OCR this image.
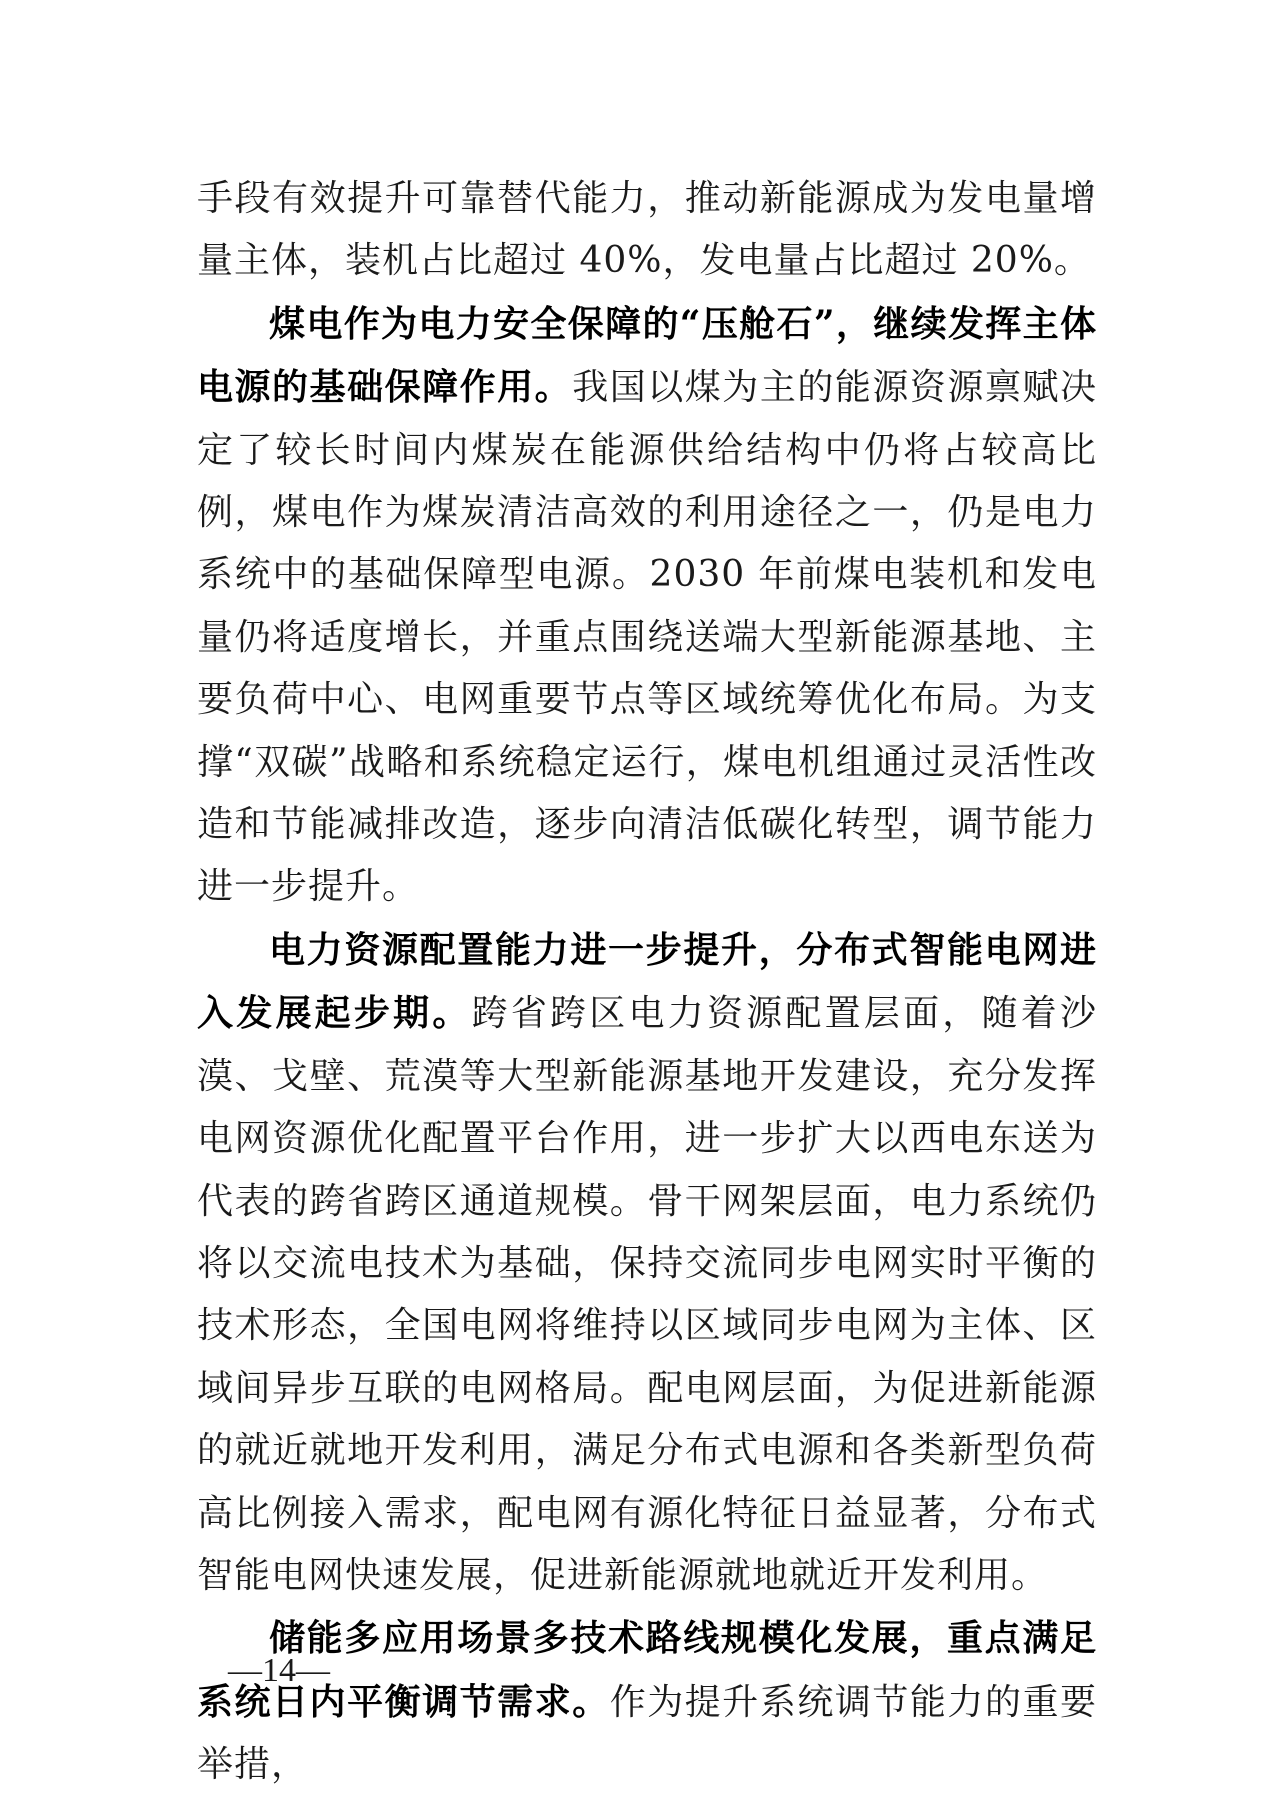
手段有效提升可靠替代能力，推动新能源成为发电量增量主体，装机占比超过 40%，发电量占比超过 20%。

煤电作为电力安全保障的“压舱石”，继续发挥主体电源的基础保障作用。我国以煤为主的能源资源禀赋决定了较长时间内煤炭在能源供给结构中仍将占较高比例，煤电作为煤炭清洁高效的利用途径之一，仍是电力系统中的基础保障型电源。2030 年前煤电装机和发电量仍将适度增长，并重点围绕送端大型新能源基地、主要负荷中心、电网重要节点等区域统筹优化布局。为支撑“双碳”战略和系统稳定运行，煤电机组通过灵活性改造和节能减排改造，逐步向清洁低碳化转型，调节能力进一步提升。

电力资源配置能力进一步提升，分布式智能电网进入发展起步期。跨省跨区电力资源配置层面，随着沙漠、戈壁、荒漠等大型新能源基地开发建设，充分发挥电网资源优化配置平台作用，进一步扩大以西电东送为代表的跨省跨区通道规模。骨干网架层面，电力系统仍将以交流电技术为基础，保持交流同步电网实时平衡的技术形态，全国电网将维持以区域同步电网为主体、区域间异步互联的电网格局。配电网层面，为促进新能源的就近就地开发利用，满足分布式电源和各类新型负荷高比例接入需求，配电网有源化特征日益显著，分布式智能电网快速发展，促进新能源就地就近开发利用。

储能多应用场景多技术路线规模化发展，重点满足系统日内平衡调节需求。作为提升系统调节能力的重要举措，

—14—
